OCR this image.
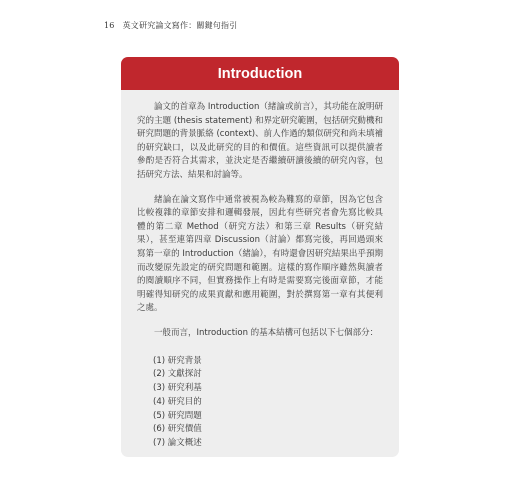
16 英文研究論文寫作：關鍵句指引
Introduction

論文的首章為 Introduction（緒論或前言），其功能在說明研究的主題 (thesis statement) 和界定研究範圍，包括研究動機和研究問題的背景脈絡 (context)、前人作過的類似研究和尚未填補的研究缺口，以及此研究的目的和價值。這些資訊可以提供讀者參酌是否符合其需求，並決定是否繼續研讀後續的研究內容，包括研究方法、結果和討論等。

緒論在論文寫作中通常被視為較為難寫的章節，因為它包含比較複雜的章節安排和邏輯發展，因此有些研究者會先寫比較具體的第二章 Method（研究方法）和第三章 Results（研究結果），甚至連第四章 Discussion（討論）都寫完後，再回過頭來寫第一章的 Introduction（緒論），有時還會因研究結果出乎預期而改變原先設定的研究問題和範圍。這樣的寫作順序雖然與讀者的閱讀順序不同，但實務操作上有時是需要寫完後面章節，才能明確得知研究的成果貢獻和應用範圍，對於撰寫第一章有其便利之處。

一般而言，Introduction 的基本結構可包括以下七個部分：

(1) 研究背景
(2) 文獻探討
(3) 研究利基
(4) 研究目的
(5) 研究問題
(6) 研究價值
(7) 論文概述
